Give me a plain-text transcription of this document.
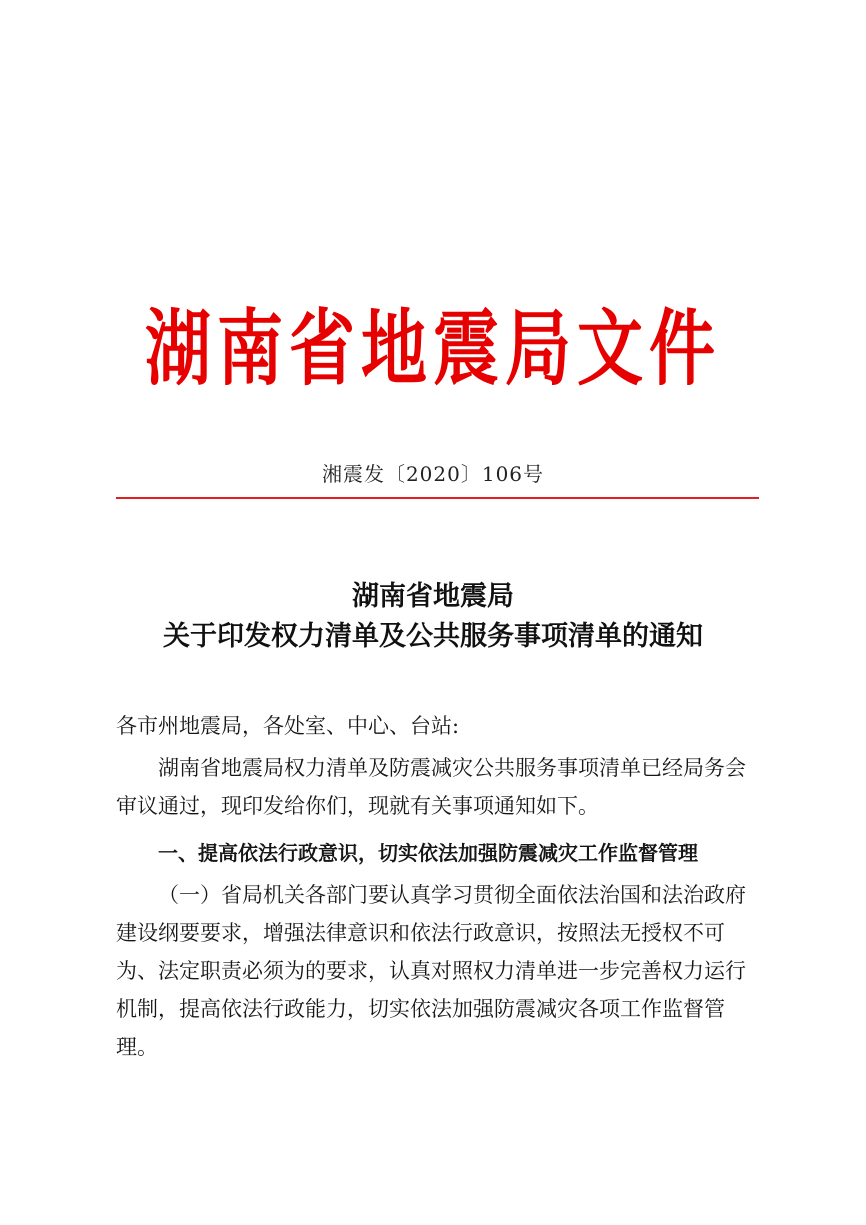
湖南省地震局文件
湘震发〔2020〕106号
湖南省地震局
关于印发权力清单及公共服务事项清单的通知
各市州地震局，各处室、中心、台站:
湖南省地震局权力清单及防震减灾公共服务事项清单已经局务会审议通过，现印发给你们，现就有关事项通知如下。
一、提高依法行政意识，切实依法加强防震减灾工作监督管理
（一）省局机关各部门要认真学习贯彻全面依法治国和法治政府建设纲要要求，增强法律意识和依法行政意识，按照法无授权不可为、法定职责必须为的要求，认真对照权力清单进一步完善权力运行机制，提高依法行政能力，切实依法加强防震减灾各项工作监督管理。
